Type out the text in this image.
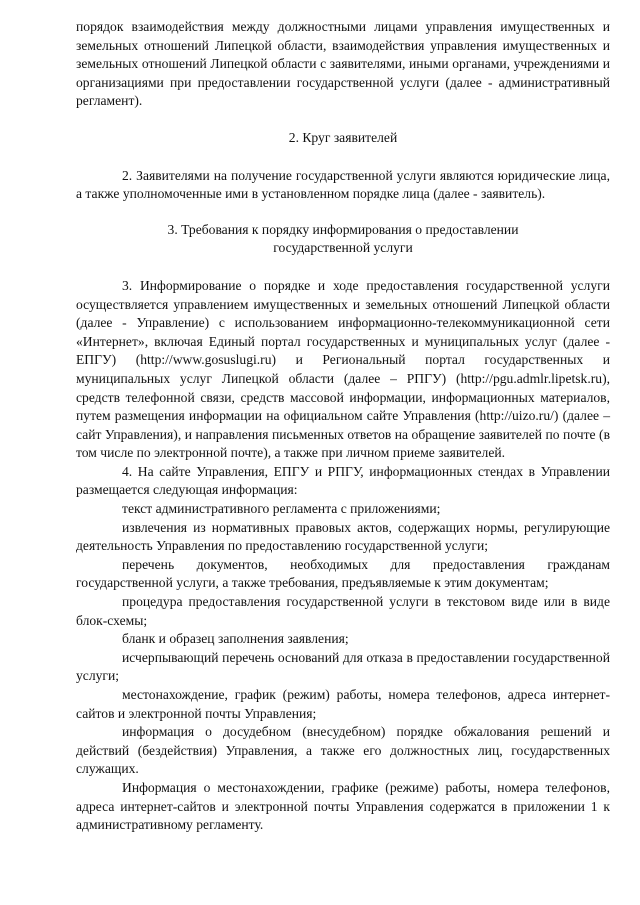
порядок взаимодействия между должностными лицами управления имущественных и земельных отношений Липецкой области, взаимодействия управления имущественных и земельных отношений Липецкой области с заявителями, иными органами, учреждениями и организациями при предоставлении государственной услуги (далее - административный регламент).

2. Круг заявителей

2. Заявителями на получение государственной услуги являются юридические лица, а также уполномоченные ими в установленном порядке лица (далее - заявитель).

3. Требования к порядку информирования о предоставлении

государственной услуги

3. Информирование о порядке и ходе предоставления государственной услуги осуществляется управлением имущественных и земельных отношений Липецкой области (далее - Управление) с использованием информационно-телекоммуникационной сети «Интернет», включая Единый портал государственных и муниципальных услуг (далее - ЕПГУ) (http://www.gosuslugi.ru) и Региональный портал государственных и муниципальных услуг Липецкой области (далее – РПГУ) (http://pgu.admlr.lipetsk.ru), средств телефонной связи, средств массовой информации, информационных материалов, путем размещения информации на официальном сайте Управления (http://uizo.ru/) (далее – сайт Управления), и направления письменных ответов на обращение заявителей по почте (в том числе по электронной почте), а также при личном приеме заявителей.

4. На сайте Управления, ЕПГУ и РПГУ, информационных стендах в Управлении размещается следующая информация:

текст административного регламента с приложениями;

извлечения из нормативных правовых актов, содержащих нормы, регулирующие деятельность Управления по предоставлению государственной услуги;

перечень документов, необходимых для предоставления гражданам государственной услуги, а также требования, предъявляемые к этим документам;

процедура предоставления государственной услуги в текстовом виде или в виде блок-схемы;

бланк и образец заполнения заявления;

исчерпывающий перечень оснований для отказа в предоставлении государственной услуги;

местонахождение, график (режим) работы, номера телефонов, адреса интернет-сайтов и электронной почты Управления;

информация о досудебном (внесудебном) порядке обжалования решений и действий (бездействия) Управления, а также его должностных лиц, государственных служащих.

Информация о местонахождении, графике (режиме) работы, номера телефонов, адреса интернет-сайтов и электронной почты Управления содержатся в приложении 1 к административному регламенту.
